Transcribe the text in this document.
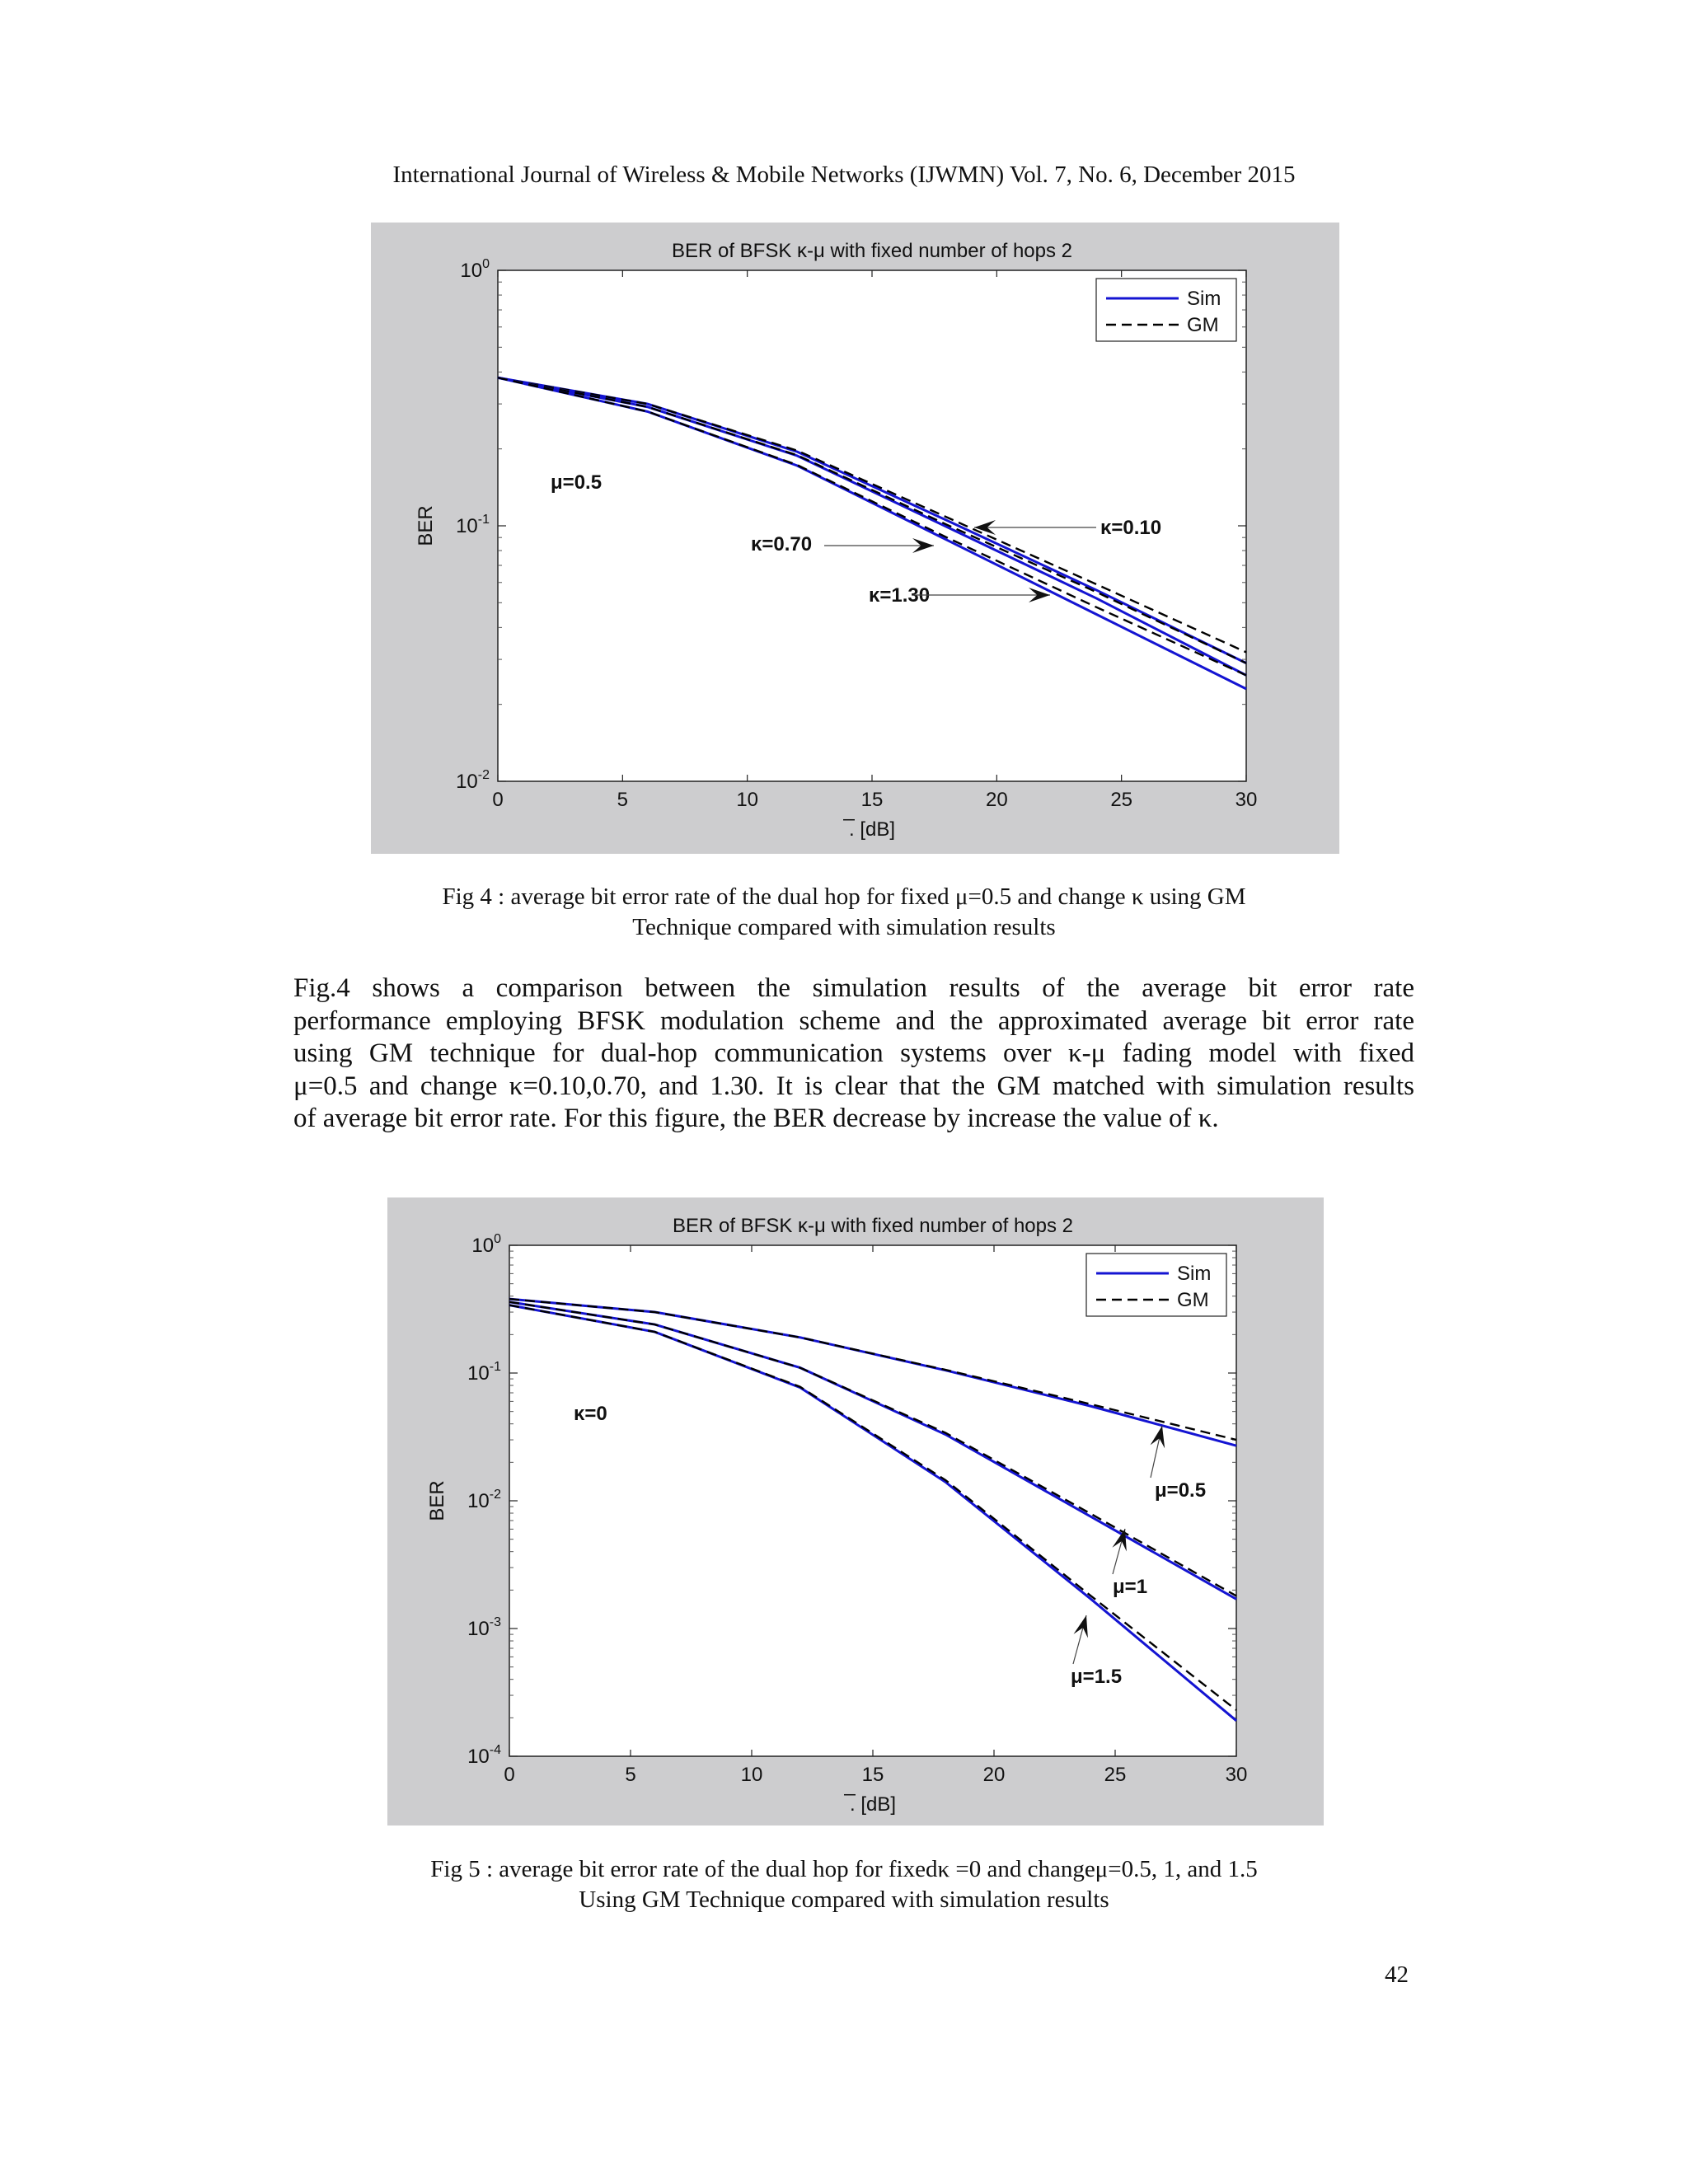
International Journal of Wireless & Mobile Networks (IJWMN) Vol. 7, No. 6, December 2015
0	5	10	15	20	25	30
$10^0$
$10^{-1}$
$10^{-2}$
BER of BFSK κ-μ with fixed number of hops 2
̅. [dB]
BER
Sim
GM
μ=0.5
κ=0.10
κ=0.70
κ=1.30
Fig 4 : average bit error rate of the dual hop for fixed μ=0.5 and change κ using GM
Technique compared with simulation results
Fig.4 shows a comparison between the simulation results of the average bit error rate
performance employing BFSK modulation scheme and the approximated average bit error rate
using GM technique for dual-hop communication systems over κ-μ fading model with fixed
μ=0.5 and change κ=0.10,0.70, and 1.30. It is clear that the GM matched with simulation results
of average bit error rate. For this figure, the BER decrease by increase the value of κ.
0	5	10	15	20	25	30
$10^0$
$10^{-1}$
$10^{-2}$
$10^{-3}$
$10^{-4}$
BER of BFSK κ-μ with fixed number of hops 2
̅. [dB]
BER
Sim
GM
κ=0
μ=0.5
μ=1
μ=1.5
Fig 5 : average bit error rate of the dual hop for fixedκ =0 and changeμ=0.5, 1, and 1.5
Using GM Technique compared with simulation results
42
